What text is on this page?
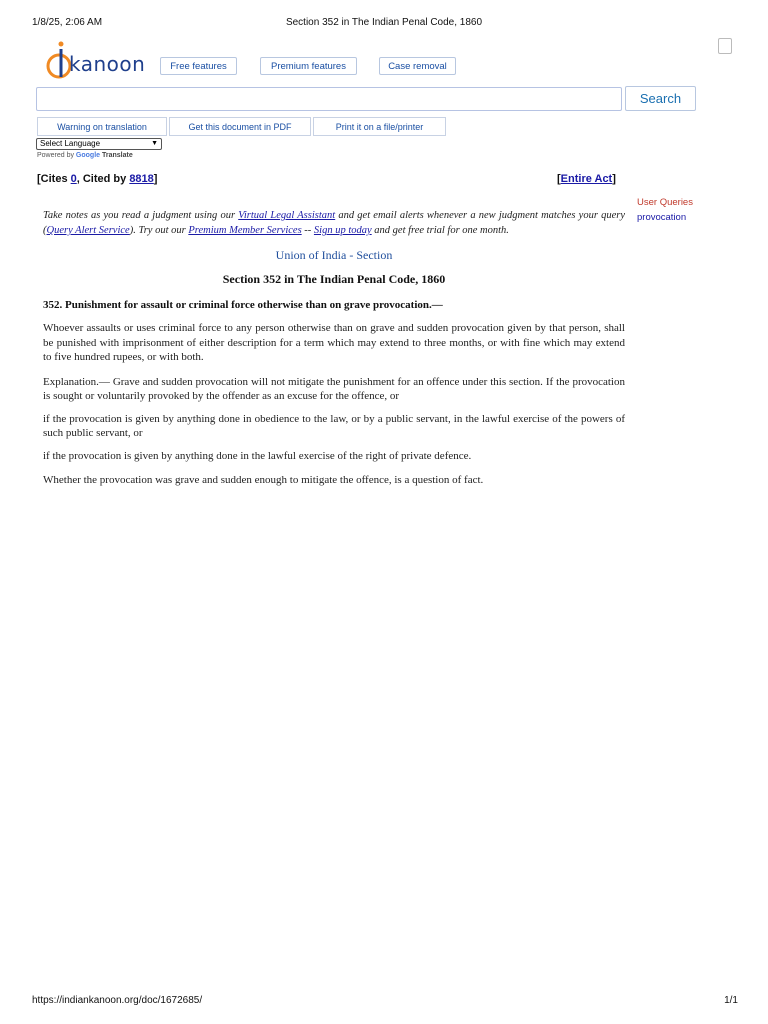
1/8/25, 2:06 AM	Section 352 in The Indian Penal Code, 1860
kanoon	Free features	Premium features	Case removal
Search
Warning on translation	Get this document in PDF	Print it on a file/printer
Select Language	▼
Powered by Google Translate
[Cites 0, Cited by 8818]	[Entire Act]
User Queries
provocation

Take notes as you read a judgment using our Virtual Legal Assistant and get email alerts whenever a new judgment matches your query (Query Alert Service). Try out our Premium Member Services -- Sign up today and get free trial for one month.

Union of India - Section
Section 352 in The Indian Penal Code, 1860
352. Punishment for assault or criminal force otherwise than on grave provocation.—
Whoever assaults or uses criminal force to any person otherwise than on grave and sudden provocation given by that person, shall be punished with imprisonment of either description for a term which may extend to three months, or with fine which may extend to five hundred rupees, or with both.
Explanation.— Grave and sudden provocation will not mitigate the punishment for an offence under this section. If the provocation is sought or voluntarily provoked by the offender as an excuse for the offence, or
if the provocation is given by anything done in obedience to the law, or by a public servant, in the lawful exercise of the powers of such public servant, or
if the provocation is given by anything done in the lawful exercise of the right of private defence.
Whether the provocation was grave and sudden enough to mitigate the offence, is a question of fact.
https://indiankanoon.org/doc/1672685/	1/1
